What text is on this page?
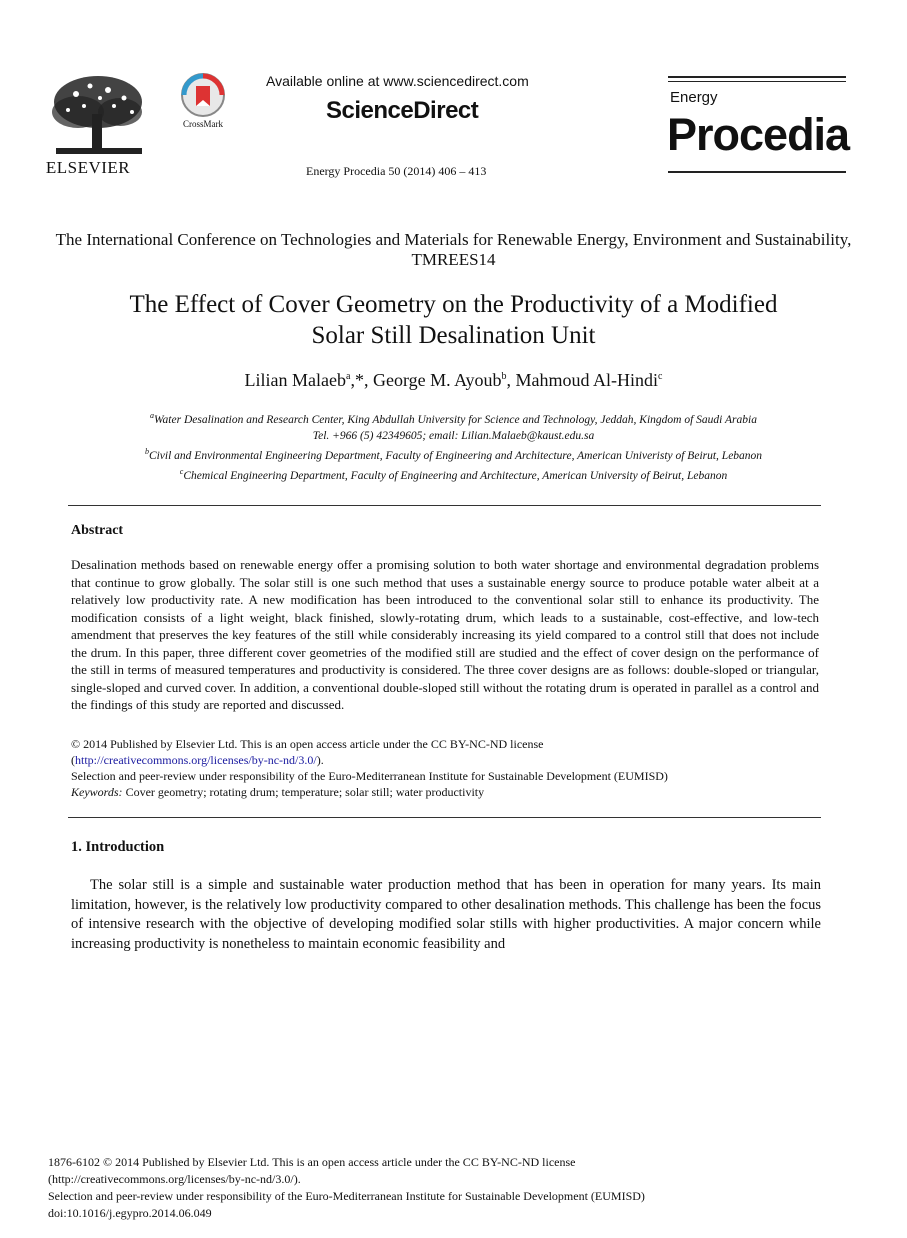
ELSEVIER
CrossMark
Available online at www.sciencedirect.com
ScienceDirect
Energy Procedia 50 (2014) 406 – 413
Energy
Procedia
The International Conference on Technologies and Materials for Renewable Energy, Environment and Sustainability, TMREES14
The Effect of Cover Geometry on the Productivity of a Modified
Solar Still Desalination Unit
Lilian Malaeb$^a$,*, George M. Ayoub$^b$, Mahmoud Al-Hindi$^c$
$^a$Water Desalination and Research Center, King Abdullah University for Science and Technology, Jeddah, Kingdom of Saudi Arabia
Tel. +966 (5) 42349605; email: Lilian.Malaeb@kaust.edu.sa
$^b$Civil and Environmental Engineering Department, Faculty of Engineering and Architecture, American Univeristy of Beirut, Lebanon
$^c$Chemical Engineering Department, Faculty of Engineering and Architecture, American University of Beirut, Lebanon
Abstract
Desalination methods based on renewable energy offer a promising solution to both water shortage and environmental degradation problems that continue to grow globally. The solar still is one such method that uses a sustainable energy source to produce potable water albeit at a relatively low productivity rate. A new modification has been introduced to the conventional solar still to enhance its productivity. The modification consists of a light weight, black finished, slowly-rotating drum, which leads to a sustainable, cost-effective, and low-tech amendment that preserves the key features of the still while considerably increasing its yield compared to a control still that does not include the drum. In this paper, three different cover geometries of the modified still are studied and the effect of cover design on the performance of the still in terms of measured temperatures and productivity is considered. The three cover designs are as follows: double-sloped or triangular, single-sloped and curved cover. In addition, a conventional double-sloped still without the rotating drum is operated in parallel as a control and the findings of this study are reported and discussed.
© 2014 Published by Elsevier Ltd. This is an open access article under the CC BY-NC-ND license
(http://creativecommons.org/licenses/by-nc-nd/3.0/).
Selection and peer-review under responsibility of the Euro-Mediterranean Institute for Sustainable Development (EUMISD)
Keywords: Cover geometry; rotating drum; temperature; solar still; water productivity
1. Introduction
The solar still is a simple and sustainable water production method that has been in operation for many years. Its main limitation, however, is the relatively low productivity compared to other desalination methods. This challenge has been the focus of intensive research with the objective of developing modified solar stills with higher productivities. A major concern while increasing productivity is nonetheless to maintain economic feasibility and
1876-6102 © 2014 Published by Elsevier Ltd. This is an open access article under the CC BY-NC-ND license
(http://creativecommons.org/licenses/by-nc-nd/3.0/).
Selection and peer-review under responsibility of the Euro-Mediterranean Institute for Sustainable Development (EUMISD)
doi:10.1016/j.egypro.2014.06.049
